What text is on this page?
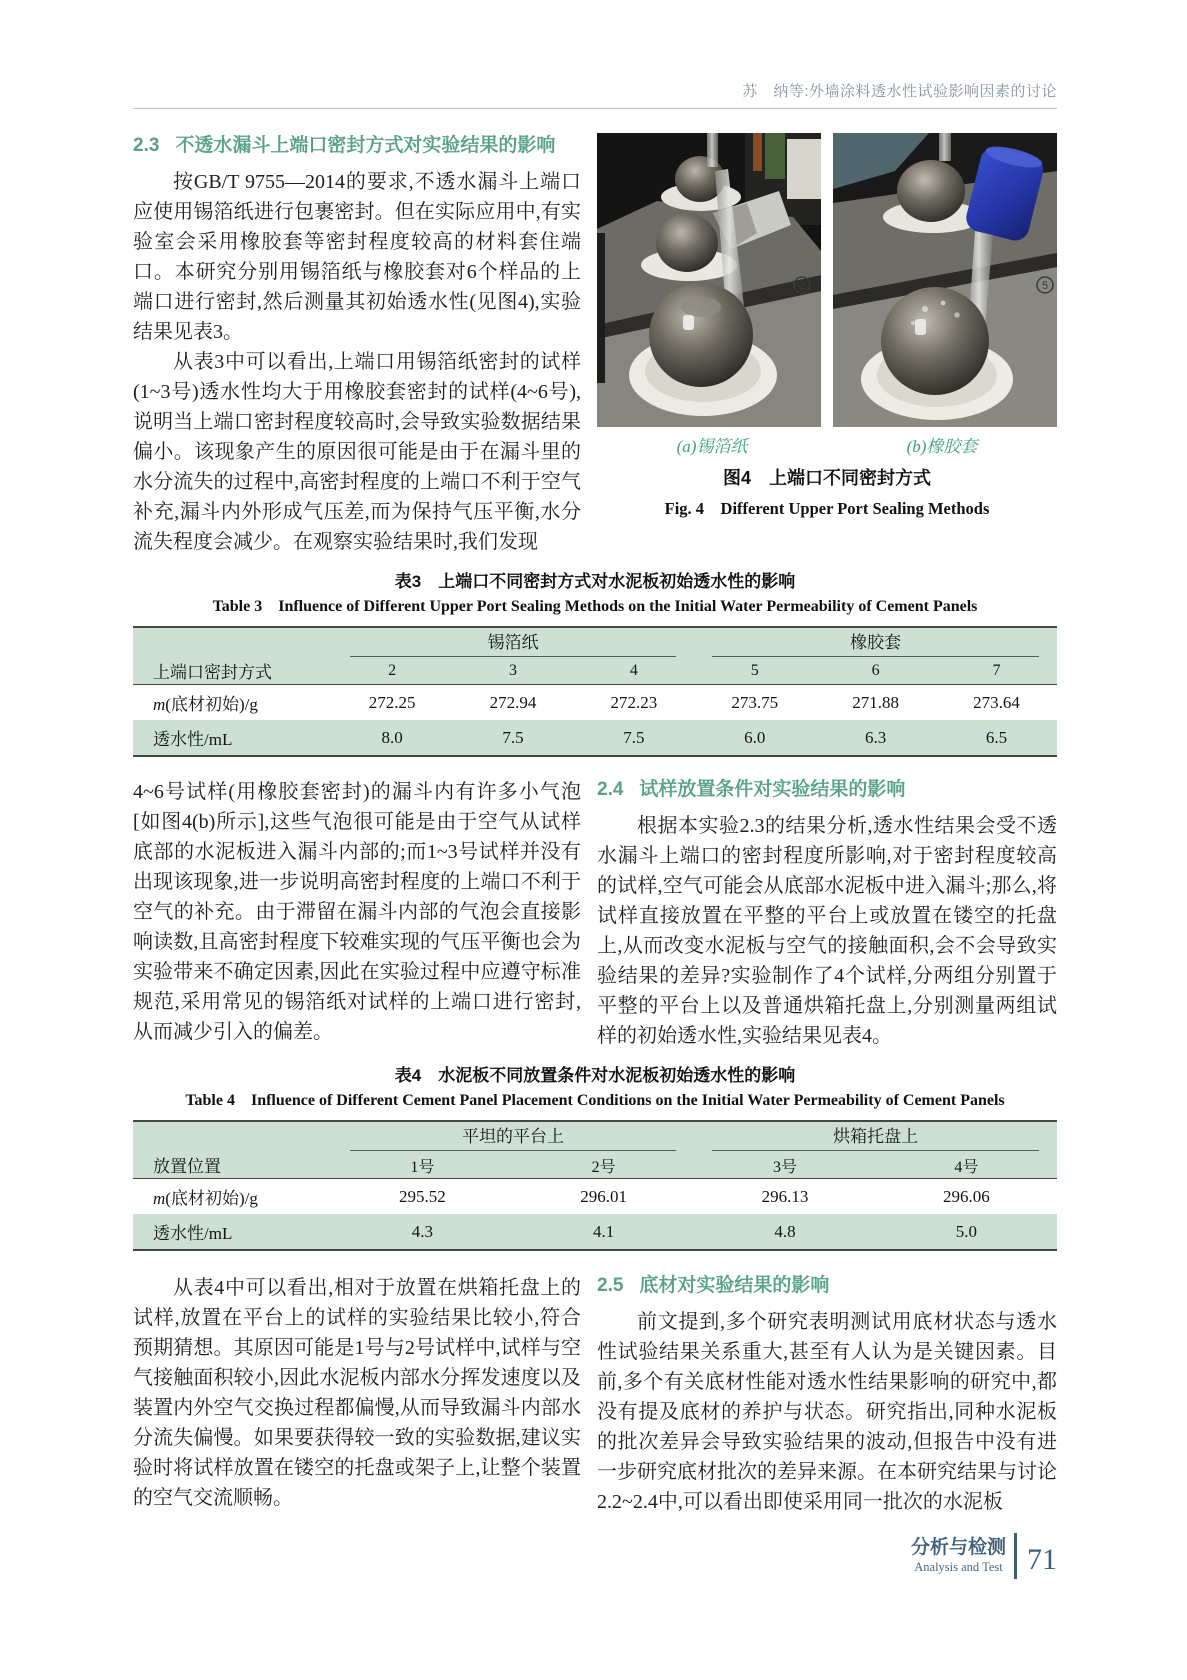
苏　纳等:外墙涂料透水性试验影响因素的讨论
2.3 不透水漏斗上端口密封方式对实验结果的影响

按GB/T 9755—2014的要求,不透水漏斗上端口应使用锡箔纸进行包裹密封。但在实际应用中,有实验室会采用橡胶套等密封程度较高的材料套住端口。本研究分别用锡箔纸与橡胶套对6个样品的上端口进行密封,然后测量其初始透水性(见图4),实验结果见表3。

从表3中可以看出,上端口用锡箔纸密封的试样(1~3号)透水性均大于用橡胶套密封的试样(4~6号),说明当上端口密封程度较高时,会导致实验数据结果偏小。该现象产生的原因很可能是由于在漏斗里的水分流失的过程中,高密封程度的上端口不利于空气补充,漏斗内外形成气压差,而为保持气压平衡,水分流失程度会减少。在观察实验结果时,我们发现

2	5
(a)锡箔纸	(b)橡胶套
图4　上端口不同密封方式
Fig. 4　Different Upper Port Sealing Methods
表3　上端口不同密封方式对水泥板初始透水性的影响
Table 3　Influence of Different Upper Port Sealing Methods on the Initial Water Permeability of Cement Panels
上端口密封方式	锡箔纸			橡胶套		

	2	3	4	5	6	7
m(底材初始)/g	272.25	272.94	272.23	273.75	271.88	273.64
透水性/mL	8.0	7.5	7.5	6.0	6.3	6.5

4~6号试样(用橡胶套密封)的漏斗内有许多小气泡[如图4(b)所示],这些气泡很可能是由于空气从试样底部的水泥板进入漏斗内部的;而1~3号试样并没有出现该现象,进一步说明高密封程度的上端口不利于空气的补充。由于滞留在漏斗内部的气泡会直接影响读数,且高密封程度下较难实现的气压平衡也会为实验带来不确定因素,因此在实验过程中应遵守标准规范,采用常见的锡箔纸对试样的上端口进行密封,从而减少引入的偏差。

2.4 试样放置条件对实验结果的影响

根据本实验2.3的结果分析,透水性结果会受不透水漏斗上端口的密封程度所影响,对于密封程度较高的试样,空气可能会从底部水泥板中进入漏斗;那么,将试样直接放置在平整的平台上或放置在镂空的托盘上,从而改变水泥板与空气的接触面积,会不会导致实验结果的差异?实验制作了4个试样,分两组分别置于平整的平台上以及普通烘箱托盘上,分别测量两组试样的初始透水性,实验结果见表4。

表4　水泥板不同放置条件对水泥板初始透水性的影响
Table 4　Influence of Different Cement Panel Placement Conditions on the Initial Water Permeability of Cement Panels
放置位置	平坦的平台上		烘箱托盘上	

	1号	2号	3号	4号
m(底材初始)/g	295.52	296.01	296.13	296.06
透水性/mL	4.3	4.1	4.8	5.0

从表4中可以看出,相对于放置在烘箱托盘上的试样,放置在平台上的试样的实验结果比较小,符合预期猜想。其原因可能是1号与2号试样中,试样与空气接触面积较小,因此水泥板内部水分挥发速度以及装置内外空气交换过程都偏慢,从而导致漏斗内部水分流失偏慢。如果要获得较一致的实验数据,建议实验时将试样放置在镂空的托盘或架子上,让整个装置的空气交流顺畅。

2.5 底材对实验结果的影响

前文提到,多个研究表明测试用底材状态与透水性试验结果关系重大,甚至有人认为是关键因素。目前,多个有关底材性能对透水性结果影响的研究中,都没有提及底材的养护与状态。研究指出,同种水泥板的批次差异会导致实验结果的波动,但报告中没有进一步研究底材批次的差异来源。在本研究结果与讨论2.2~2.4中,可以看出即使采用同一批次的水泥板

分析与检测
Analysis and Test 71
